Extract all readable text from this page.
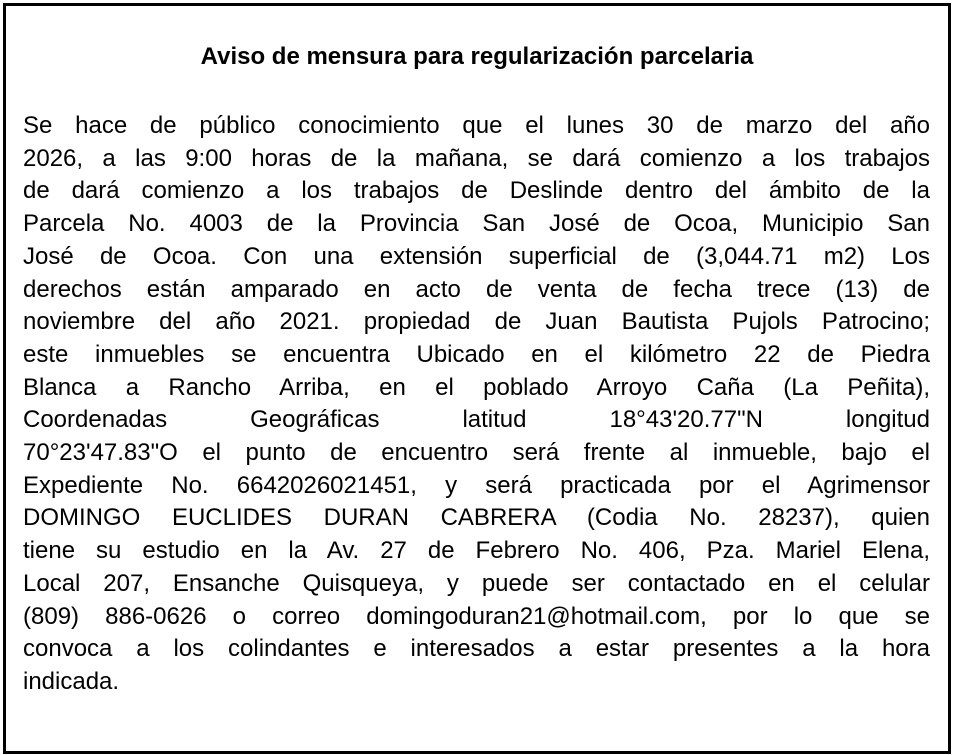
Aviso de mensura para regularización parcelaria
Se hace de público conocimiento que el lunes 30 de marzo del año
2026, a las 9:00 horas de la mañana, se dará comienzo a los trabajos
de dará comienzo a los trabajos de Deslinde dentro del ámbito de la
Parcela No. 4003 de la Provincia San José de Ocoa, Municipio San
José de Ocoa. Con una extensión superficial de (3,044.71 m2) Los
derechos están amparado en acto de venta de fecha trece (13) de
noviembre del año 2021. propiedad de Juan Bautista Pujols Patrocino;
este inmuebles se encuentra Ubicado en el kilómetro 22 de Piedra
Blanca a Rancho Arriba, en el poblado Arroyo Caña (La Peñita),
Coordenadas Geográficas latitud 18°43'20.77"N longitud
70°23'47.83"O el punto de encuentro será frente al inmueble, bajo el
Expediente No. 6642026021451, y será practicada por el Agrimensor
DOMINGO EUCLIDES DURAN CABRERA (Codia No. 28237), quien
tiene su estudio en la Av. 27 de Febrero No. 406, Pza. Mariel Elena,
Local 207, Ensanche Quisqueya, y puede ser contactado en el celular
(809) 886-0626 o correo domingoduran21@hotmail.com, por lo que se
convoca a los colindantes e interesados a estar presentes a la hora
indicada.
